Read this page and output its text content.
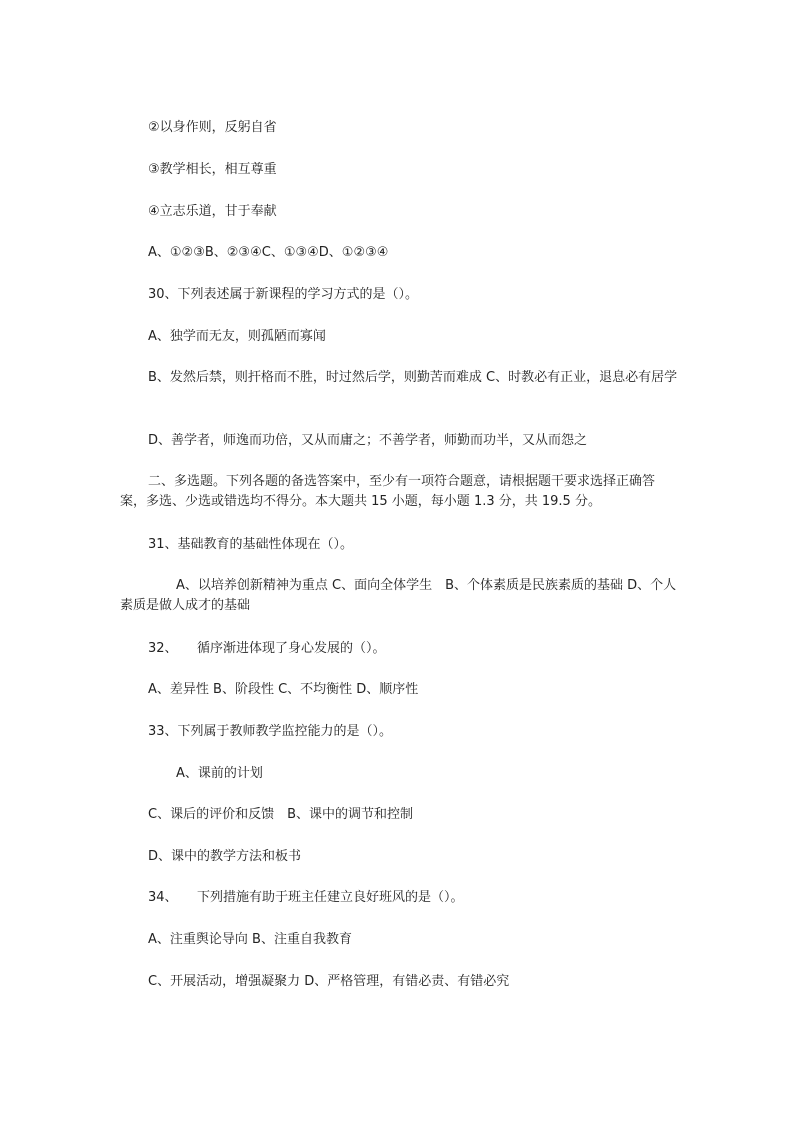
②以身作则，反躬自省

③教学相长，相互尊重

④立志乐道，甘于奉献

A、①②③B、②③④C、①③④D、①②③④

30、下列表述属于新课程的学习方式的是（）。

A、独学而无友，则孤陋而寡闻

B、发然后禁，则扞格而不胜，时过然后学，则勤苦而难成 C、时教必有正业，退息必有居学

D、善学者，师逸而功倍，又从而庸之；不善学者，师勤而功半，又从而怨之

二、多选题。下列各题的备选答案中，至少有一项符合题意，请根据题干要求选择正确答案，多选、少选或错选均不得分。本大题共 15 小题，每小题 1.3 分，共 19.5 分。

31、基础教育的基础性体现在（）。

A、以培养创新精神为重点 C、面向全体学生　B、个体素质是民族素质的基础 D、个人素质是做人成才的基础

32、　　循序渐进体现了身心发展的（）。

A、差异性 B、阶段性 C、不均衡性 D、顺序性

33、下列属于教师教学监控能力的是（）。

A、课前的计划

C、课后的评价和反馈　B、课中的调节和控制

D、课中的教学方法和板书

34、　　下列措施有助于班主任建立良好班风的是（）。

A、注重舆论导向 B、注重自我教育

C、开展活动，增强凝聚力 D、严格管理，有错必责、有错必究
